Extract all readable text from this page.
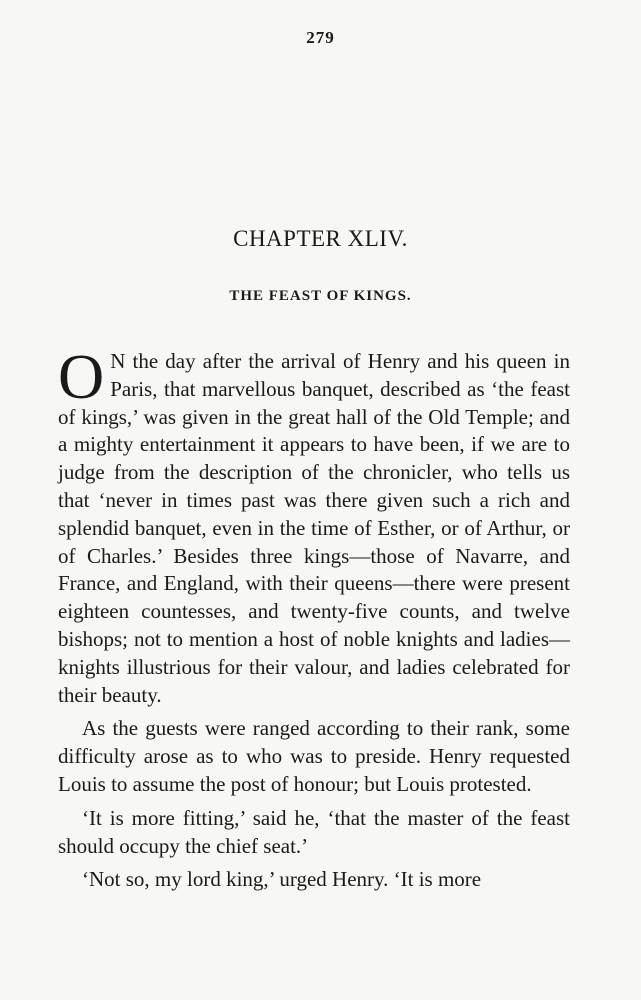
279
CHAPTER XLIV.
THE FEAST OF KINGS.

O N the day after the arrival of Henry and his queen in Paris, that marvellous banquet, described as ‘the feast of kings,’ was given in the great hall of the Old Temple; and a mighty entertainment it appears to have been, if we are to judge from the description of the chronicler, who tells us that ‘never in times past was there given such a rich and splendid banquet, even in the time of Esther, or of Arthur, or of Charles.’ Besides three kings—those of Navarre, and France, and England, with their queens—there were present eighteen countesses, and twenty-five counts, and twelve bishops; not to mention a host of noble knights and ladies—knights illustrious for their valour, and ladies celebrated for their beauty.

As the guests were ranged according to their rank, some difficulty arose as to who was to preside. Henry requested Louis to assume the post of honour; but Louis protested.

‘It is more fitting,’ said he, ‘that the master of the feast should occupy the chief seat.’

‘Not so, my lord king,’ urged Henry. ‘It is more
